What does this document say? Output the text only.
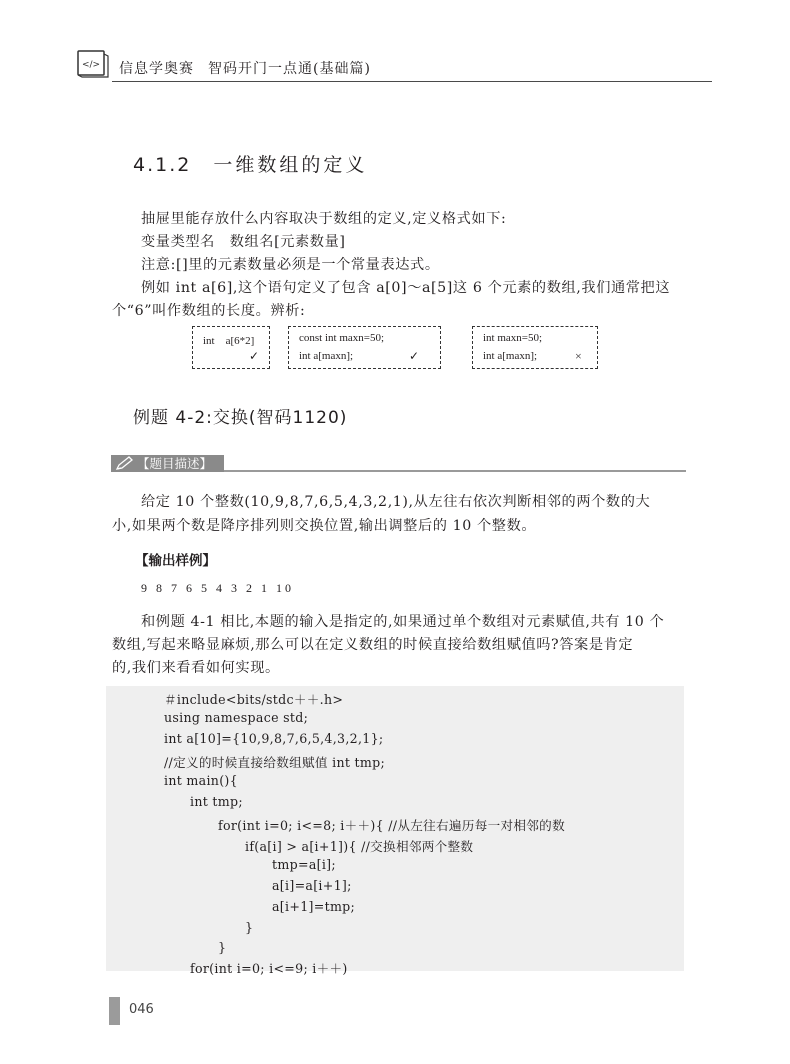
</> 信息学奥赛 智码开门一点通(基础篇)
4.1.2 一维数组的定义
抽屉里能存放什么内容取决于数组的定义,定义格式如下:
变量类型名　数组名[元素数量]
注意:[]里的元素数量必须是一个常量表达式。
例如 int a[6],这个语句定义了包含 a[0]～a[5]这 6 个元素的数组,我们通常把这
个“6”叫作数组的长度。辨析:
int　a[6*2]
✓
const int maxn=50;
int a[maxn];	✓
int maxn=50;
int a[maxn];	×
例题 4-2:交换(智码1120)
【题目描述】
给定 10 个整数(10,9,8,7,6,5,4,3,2,1),从左往右依次判断相邻的两个数的大
小,如果两个数是降序排列则交换位置,输出调整后的 10 个整数。
【输出样例】
9 8 7 6 5 4 3 2 1 10
和例题 4-1 相比,本题的输入是指定的,如果通过单个数组对元素赋值,共有 10 个
数组,写起来略显麻烦,那么可以在定义数组的时候直接给数组赋值吗?答案是肯定
的,我们来看看如何实现。
＃include<bits/stdc＋＋.h>
using namespace std;
int a[10]={10,9,8,7,6,5,4,3,2,1};
//定义的时候直接给数组赋值 int tmp;
int main(){
int tmp;
for(int i=0; i<=8; i＋＋){ //从左往右遍历每一对相邻的数
if(a[i] > a[i+1]){ //交换相邻两个整数
tmp=a[i];
a[i]=a[i+1];
a[i+1]=tmp;
}
}
for(int i=0; i<=9; i＋＋)
046
